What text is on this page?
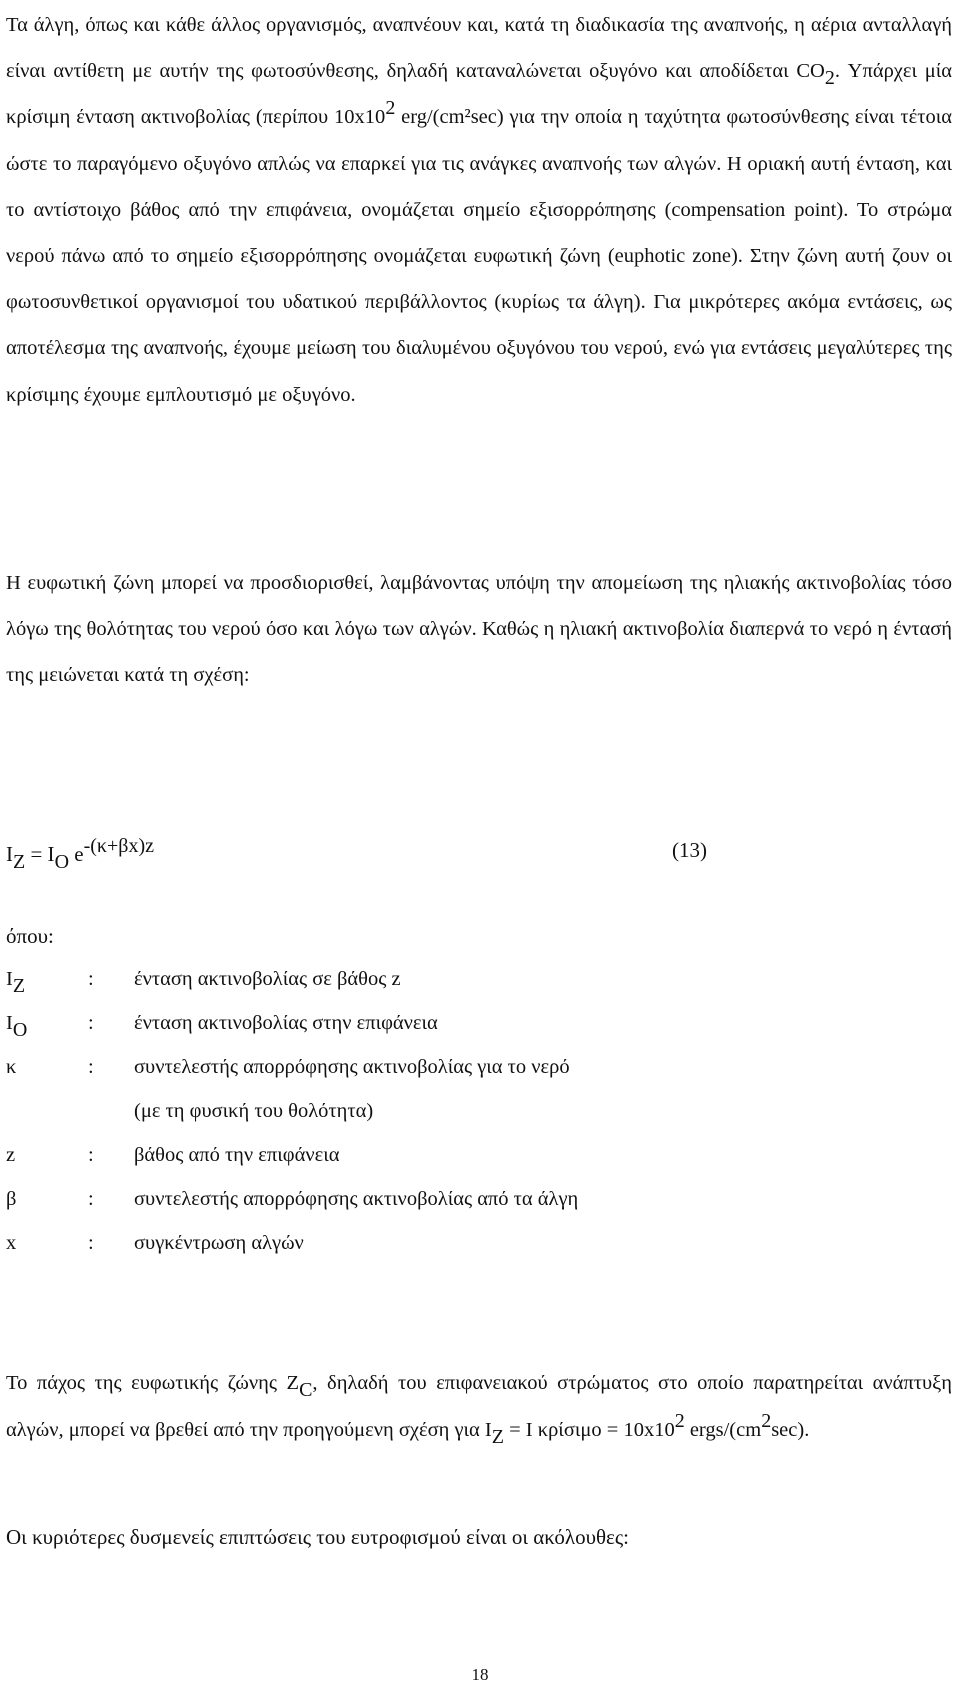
Τα άλγη, όπως και κάθε άλλος οργανισμός, αναπνέουν και, κατά τη διαδικασία της αναπνοής, η αέρια ανταλλαγή είναι αντίθετη με αυτήν της φωτοσύνθεσης, δηλαδή καταναλώνεται οξυγόνο και αποδίδεται CO2. Υπάρχει μία κρίσιμη ένταση ακτινοβολίας (περίπου 10x102 erg/(cm²sec) για την οποία η ταχύτητα φωτοσύνθεσης είναι τέτοια ώστε το παραγόμενο οξυγόνο απλώς να επαρκεί για τις ανάγκες αναπνοής των αλγών. Η οριακή αυτή ένταση, και το αντίστοιχο βάθος από την επιφάνεια, ονομάζεται σημείο εξισορρόπησης (compensation point). Το στρώμα νερού πάνω από το σημείο εξισορρόπησης ονομάζεται ευφωτική ζώνη (euphotic zone). Στην ζώνη αυτή ζουν οι φωτοσυνθετικοί οργανισμοί του υδατικού περιβάλλοντος (κυρίως τα άλγη). Για μικρότερες ακόμα εντάσεις, ως αποτέλεσμα της αναπνοής, έχουμε μείωση του διαλυμένου οξυγόνου του νερού, ενώ για εντάσεις μεγαλύτερες της κρίσιμης έχουμε εμπλουτισμό με οξυγόνο.

Η ευφωτική ζώνη μπορεί να προσδιορισθεί, λαμβάνοντας υπόψη την απομείωση της ηλιακής ακτινοβολίας τόσο λόγω της θολότητας του νερού όσο και λόγω των αλγών. Καθώς η ηλιακή ακτινοβολία διαπερνά το νερό η έντασή της μειώνεται κατά τη σχέση:

IZ = IO e-(κ+βx)z	(13)
όπου:
IZ	: ένταση ακτινοβολίας σε βάθος z
IO	: ένταση ακτινοβολίας στην επιφάνεια
κ	: συντελεστής απορρόφησης ακτινοβολίας για το νερό
(με τη φυσική του θολότητα)
z	: βάθος από την επιφάνεια
β	: συντελεστής απορρόφησης ακτινοβολίας από τα άλγη
x	: συγκέντρωση αλγών

Το πάχος της ευφωτικής ζώνης ZC, δηλαδή του επιφανειακού στρώματος στο οποίο παρατηρείται ανάπτυξη αλγών, μπορεί να βρεθεί από την προηγούμενη σχέση για IZ = I κρίσιμο = 10x102 ergs/(cm2sec).

Οι κυριότερες δυσμενείς επιπτώσεις του ευτροφισμού είναι οι ακόλουθες:
18
